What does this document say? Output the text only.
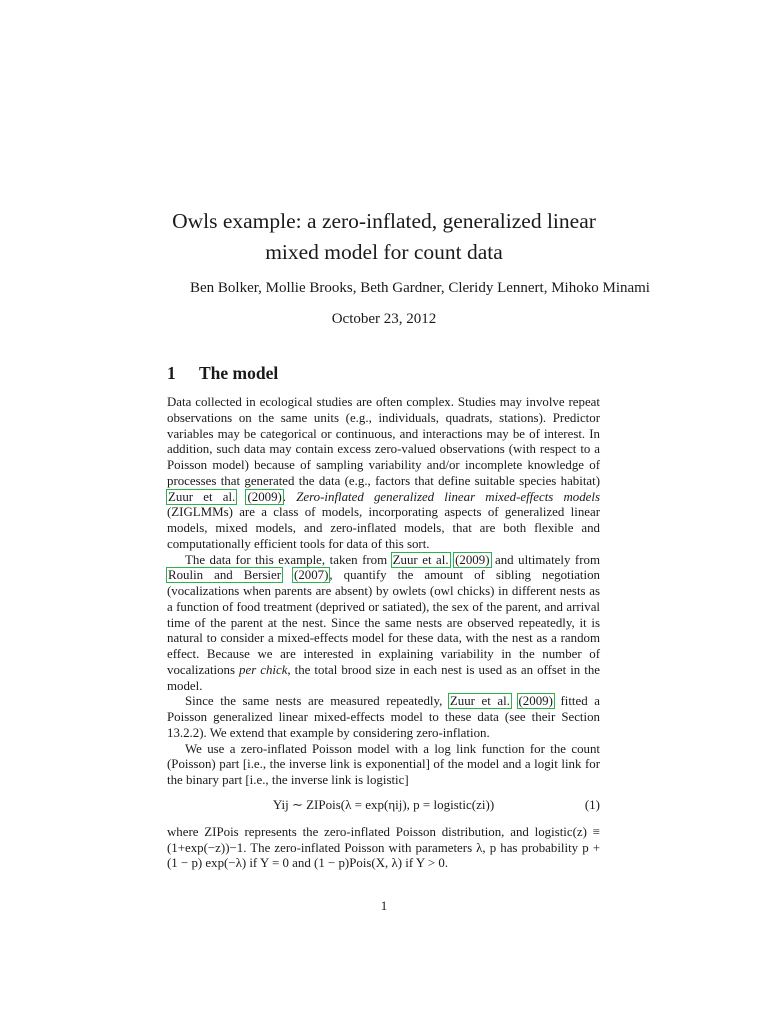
Owls example: a zero-inflated, generalized linear
mixed model for count data
Ben Bolker, Mollie Brooks, Beth Gardner, Cleridy Lennert, Mihoko Minami
October 23, 2012
1 The model

Data collected in ecological studies are often complex. Studies may involve repeat observations on the same units (e.g., individuals, quadrats, stations). Predictor variables may be categorical or continuous, and interactions may be of interest. In addition, such data may contain excess zero-valued observations (with respect to a Poisson model) because of sampling variability and/or incomplete knowledge of processes that generated the data (e.g., factors that define suitable species habitat) Zuur et al. (2009). Zero-inflated generalized linear mixed-effects models (ZIGLMMs) are a class of models, incorporating aspects of generalized linear models, mixed models, and zero-inflated models, that are both flexible and computationally efficient tools for data of this sort.

The data for this example, taken from Zuur et al. (2009) and ultimately from Roulin and Bersier (2007), quantify the amount of sibling negotiation (vocalizations when parents are absent) by owlets (owl chicks) in different nests as a function of food treatment (deprived or satiated), the sex of the parent, and arrival time of the parent at the nest. Since the same nests are observed repeatedly, it is natural to consider a mixed-effects model for these data, with the nest as a random effect. Because we are interested in explaining variability in the number of vocalizations per chick, the total brood size in each nest is used as an offset in the model.

Since the same nests are measured repeatedly, Zuur et al. (2009) fitted a Poisson generalized linear mixed-effects model to these data (see their Section 13.2.2). We extend that example by considering zero-inflation.

We use a zero-inflated Poisson model with a log link function for the count (Poisson) part [i.e., the inverse link is exponential] of the model and a logit link for the binary part [i.e., the inverse link is logistic]

Yij ∼ ZIPois(λ = exp(ηij), p = logistic(zi))	(1)

where ZIPois represents the zero-inflated Poisson distribution, and logistic(z) ≡ (1+exp(−z))−1. The zero-inflated Poisson with parameters λ, p has probability p + (1 − p) exp(−λ) if Y = 0 and (1 − p)Pois(X, λ) if Y > 0.

1
